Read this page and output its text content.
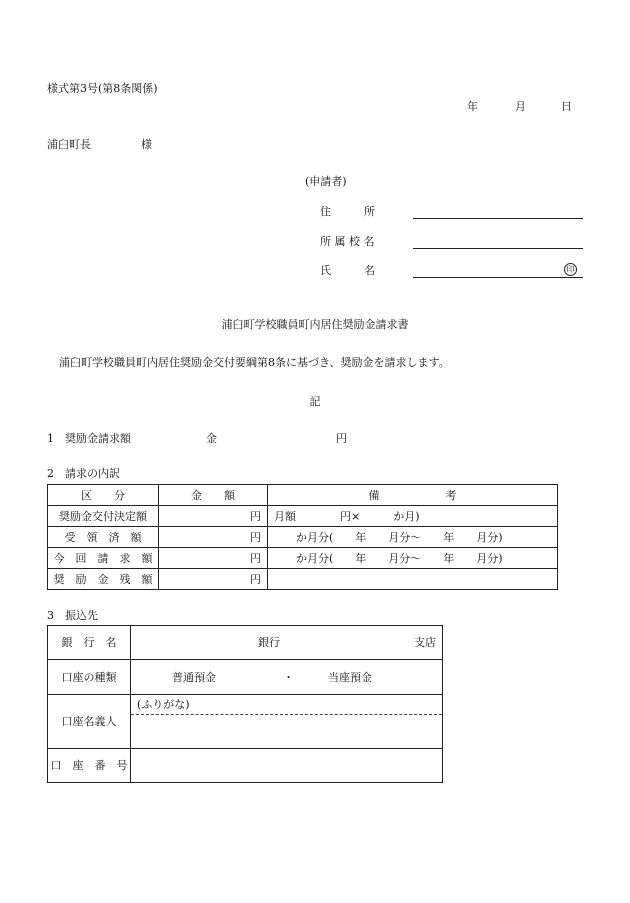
様式第3号(第8条関係)
年	月	日
浦臼町長	様
(申請者)
住　　　所
所 属 校 名
氏　　　名	印
浦臼町学校職員町内居住奨励金請求書
浦臼町学校職員町内居住奨励金交付要綱第8条に基づき、奨励金を請求します。
記
1　奨励金請求額	金	円
2　請求の内訳
区　　分	金　　額	備　　　　　　考
奨励金交付決定額	円	月額　　　　円×　　　か月)
受　領　済　額	円	か月分(　　年　　月分～　　年　　月分)
今　回　請　求　額	円	か月分(　　年　　月分～　　年　　月分)
奨　励　金　残　額	円	
3　振込先
銀　行　名	銀行 支店

口座の種類	普通預金 ・ 当座預金

口座名義人	(ふりがな)

口　座　番　号	
